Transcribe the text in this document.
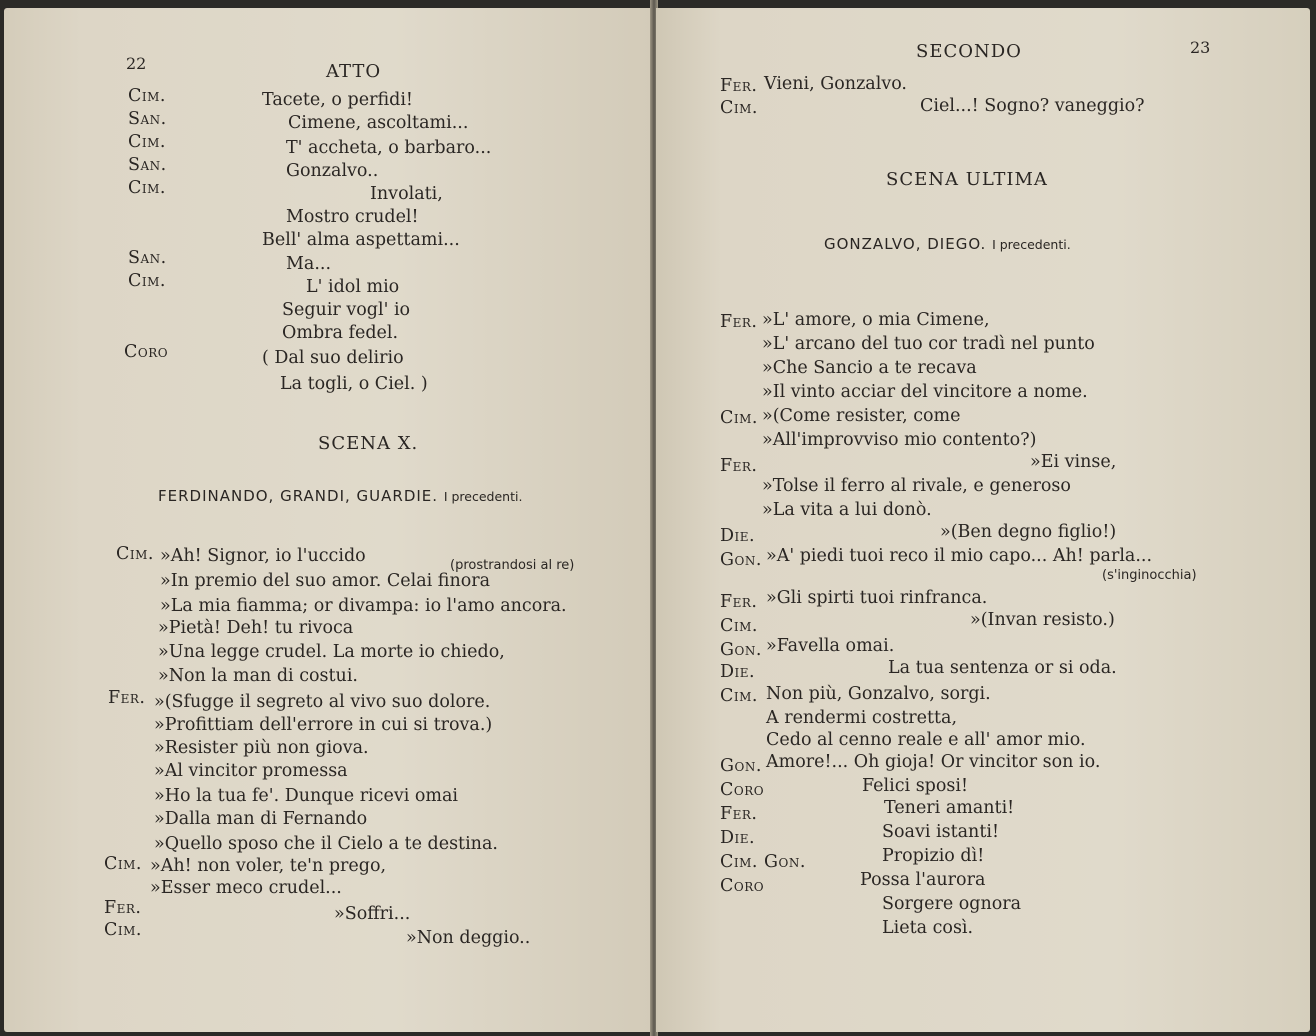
22	ATTO
Cim.	Tacete, o perfidi!
San.	Cimene, ascoltami...
Cim.	T' accheta, o barbaro...
San.	Gonzalvo..
Cim.	Involati,
Mostro crudel!
Bell' alma aspettami...
San.	Ma...
Cim.	L' idol mio
Seguir vogl' io
Ombra fedel.
Coro	( Dal suo delirio
La togli, o Ciel. )
SCENA X.
FERDINANDO, GRANDI, GUARDIE. I precedenti.
Cim. »Ah! Signor, io l'uccido	(prostrandosi al re)
»In premio del suo amor. Celai finora
»La mia fiamma; or divampa: io l'amo ancora.
»Pietà! Deh! tu rivoca
»Una legge crudel. La morte io chiedo,
»Non la man di costui.
Fer. »(Sfugge il segreto al vivo suo dolore.
»Profittiam dell'errore in cui si trova.)
»Resister più non giova.
»Al vincitor promessa
»Ho la tua fe'. Dunque ricevi omai
»Dalla man di Fernando
»Quello sposo che il Cielo a te destina.
Cim. »Ah! non voler, te'n prego,
»Esser meco crudel...
Fer.	»Soffri...
Cim.	»Non deggio..
SECONDO	23
Fer. Vieni, Gonzalvo.
Cim.	Ciel...! Sogno? vaneggio?
SCENA ULTIMA
GONZALVO, DIEGO. I precedenti.
Fer. »L' amore, o mia Cimene,
»L' arcano del tuo cor tradì nel punto
»Che Sancio a te recava
»Il vinto acciar del vincitore a nome.
Cim. »(Come resister, come
»All'improvviso mio contento?)
Fer.	»Ei vinse,
»Tolse il ferro al rivale, e generoso
»La vita a lui donò.
Die.	»(Ben degno figlio!)
Gon. »A' piedi tuoi reco il mio capo... Ah! parla...
(s'inginocchia)
Fer. »Gli spirti tuoi rinfranca.
Cim.	»(Invan resisto.)
Gon. »Favella omai.
Die.	La tua sentenza or si oda.
Cim. Non più, Gonzalvo, sorgi.
A rendermi costretta,
Cedo al cenno reale e all' amor mio.
Gon. Amore!... Oh gioja! Or vincitor son io.
Coro	Felici sposi!
Fer.	Teneri amanti!
Die.	Soavi istanti!
Cim. Gon.	Propizio dì!
Coro	Possa l'aurora
Sorgere ognora
Lieta così.
